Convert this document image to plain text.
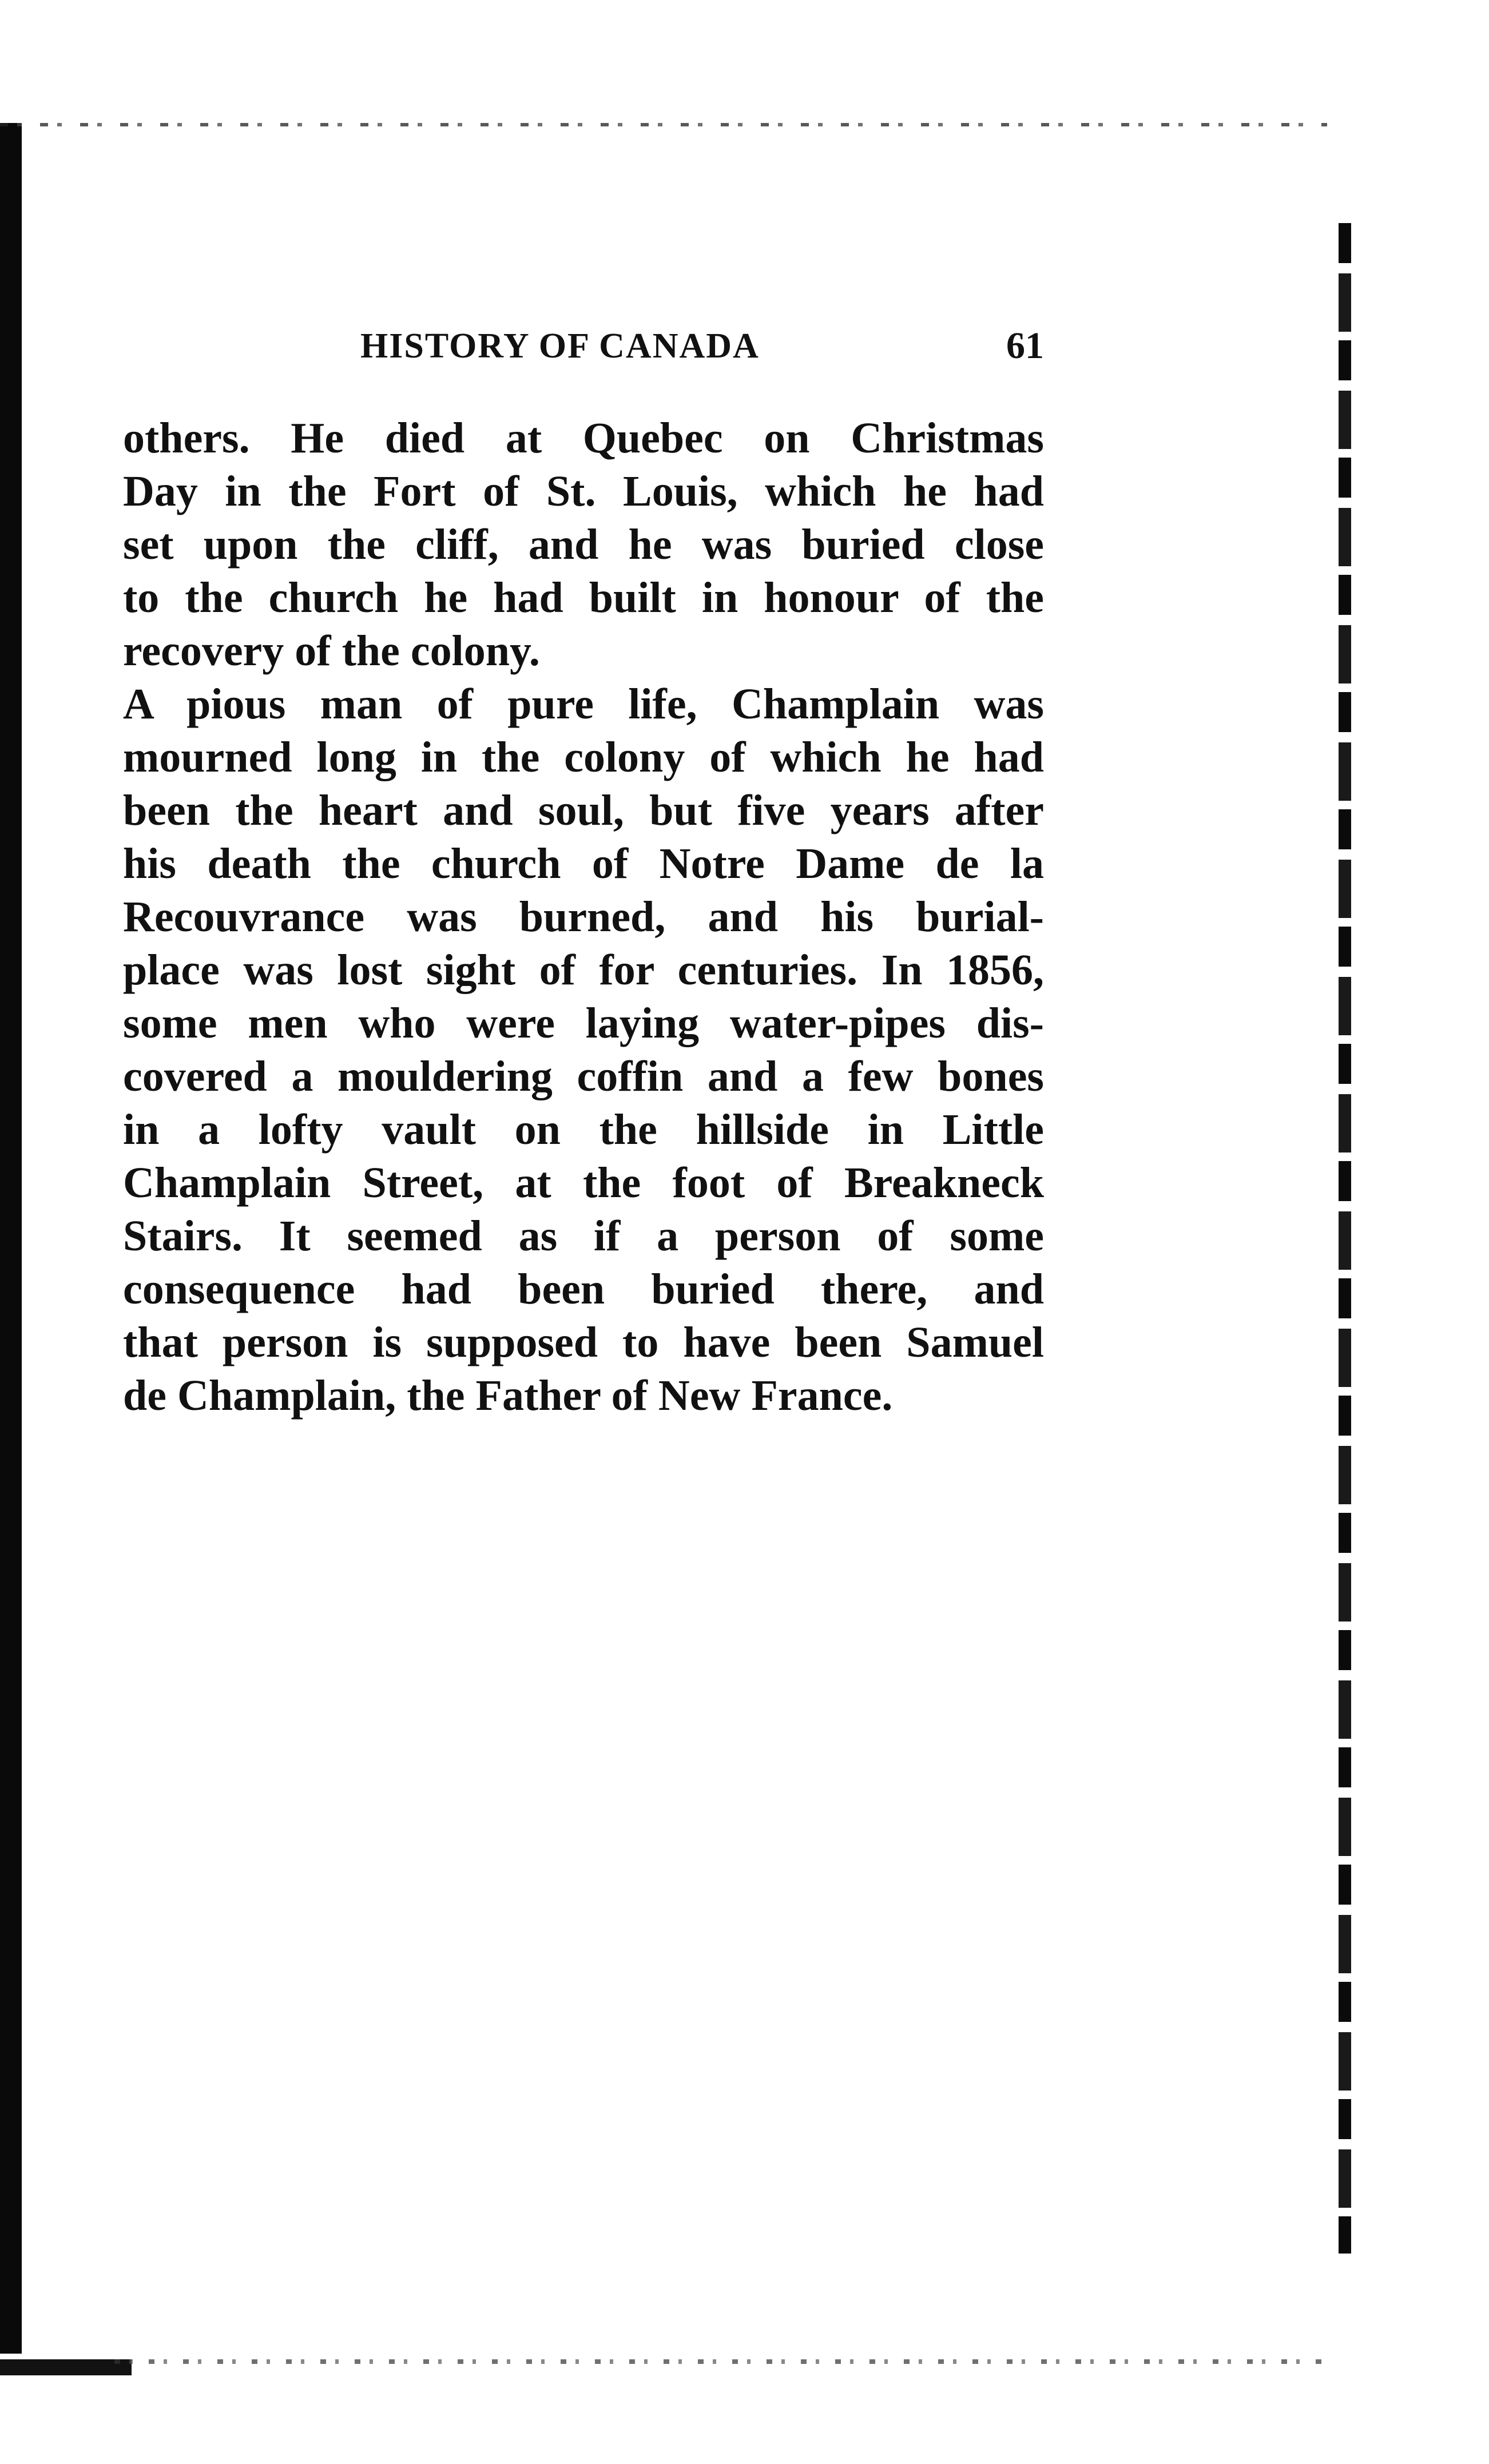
HISTORY OF CANADA	61
others. He died at Quebec on Christmas
Day in the Fort of St. Louis, which he had
set upon the cliff, and he was buried close
to the church he had built in honour of the
recovery of the colony.
A pious man of pure life, Champlain was
mourned long in the colony of which he had
been the heart and soul, but five years after
his death the church of Notre Dame de la
Recouvrance was burned, and his burial-
place was lost sight of for centuries. In 1856,
some men who were laying water-pipes dis-
covered a mouldering coffin and a few bones
in a lofty vault on the hillside in Little
Champlain Street, at the foot of Breakneck
Stairs. It seemed as if a person of some
consequence had been buried there, and
that person is supposed to have been Samuel
de Champlain, the Father of New France.
